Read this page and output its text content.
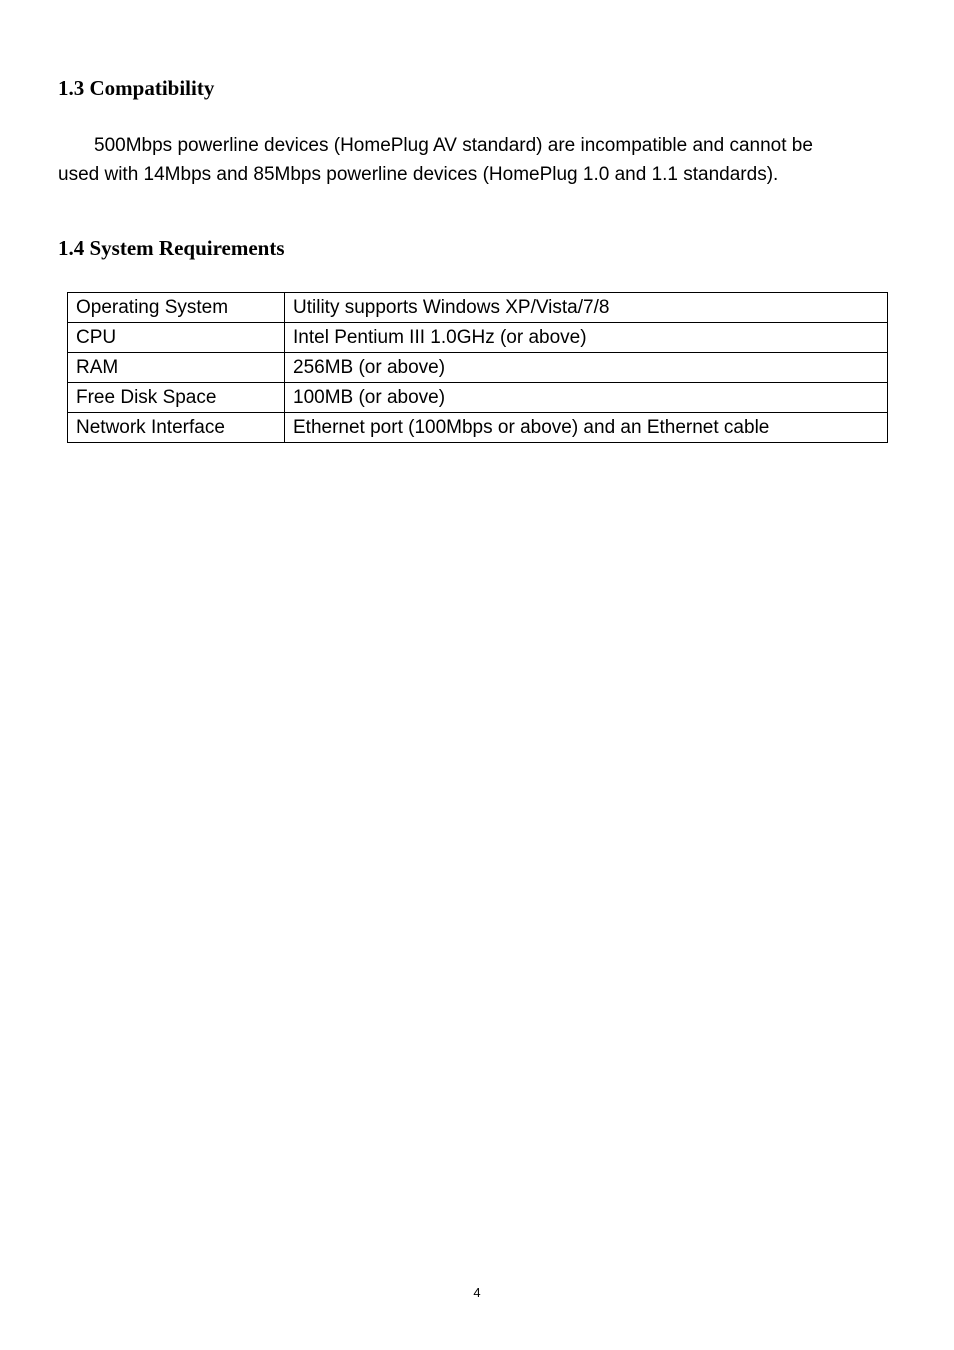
1.3 Compatibility

500Mbps powerline devices (HomePlug AV standard) are incompatible and cannot be
used with 14Mbps and 85Mbps powerline devices (HomePlug 1.0 and 1.1 standards).

1.4 System Requirements
Operating System	Utility supports Windows XP/Vista/7/8
CPU	Intel Pentium III 1.0GHz (or above)
RAM	256MB (or above)
Free Disk Space	100MB (or above)
Network Interface	Ethernet port (100Mbps or above) and an Ethernet cable
4
